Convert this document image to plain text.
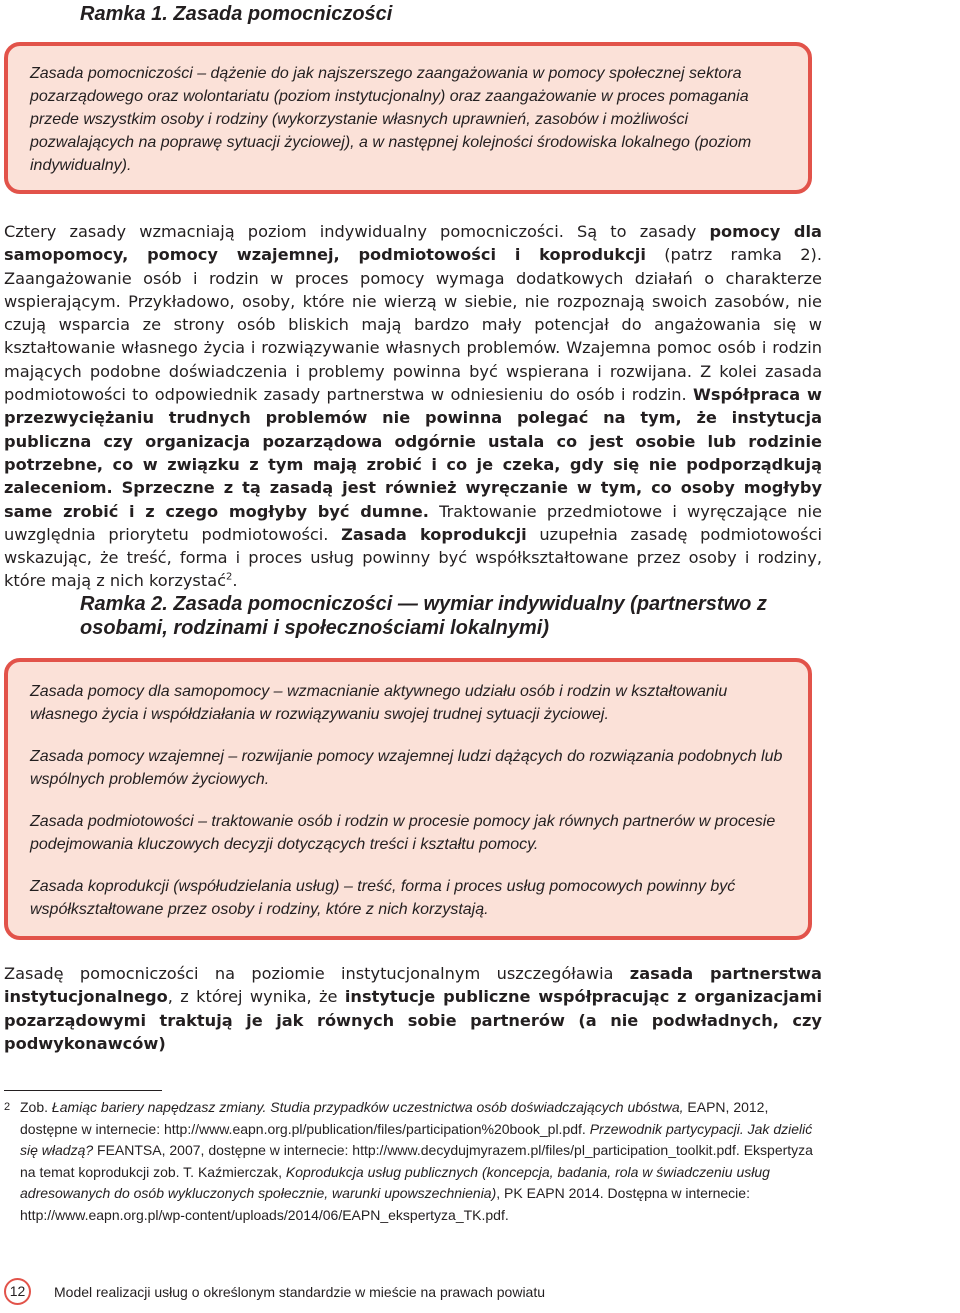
Ramka 1. Zasada pomocniczości

Zasada pomocniczości – dążenie do jak najszerszego zaangażowania w pomocy społecznej sektora pozarządowego oraz wolontariatu (poziom instytucjonalny) oraz zaangażowanie w proces pomagania przede wszystkim osoby i rodziny (wykorzystanie własnych uprawnień, zasobów i możliwości pozwalających na poprawę sytuacji życiowej), a w następnej kolejności środowiska lokalnego (poziom indywidualny).

Cztery zasady wzmacniają poziom indywidualny pomocniczości. Są to zasady pomocy dla samopomocy, pomocy wzajemnej, podmiotowości i koprodukcji (patrz ramka 2). Zaangażowanie osób i rodzin w proces pomocy wymaga dodatkowych działań o charakterze wspierającym. Przykładowo, osoby, które nie wierzą w siebie, nie rozpoznają swoich zasobów, nie czują wsparcia ze strony osób bliskich mają bardzo mały potencjał do angażowania się w kształtowanie własnego życia i rozwiązywanie własnych problemów. Wzajemna pomoc osób i rodzin mających podobne doświadczenia i problemy powinna być wspierana i rozwijana. Z kolei zasada podmiotowości to odpowiednik zasady partnerstwa w odniesieniu do osób i rodzin. Współpraca w przezwyciężaniu trudnych problemów nie powinna polegać na tym, że instytucja publiczna czy organizacja pozarządowa odgórnie ustala co jest osobie lub rodzinie potrzebne, co w związku z tym mają zrobić i co je czeka, gdy się nie podporządkują zaleceniom. Sprzeczne z tą zasadą jest również wyręczanie w tym, co osoby mogłyby same zrobić i z czego mogłyby być dumne. Traktowanie przedmiotowe i wyręczające nie uwzględnia priorytetu podmiotowości. Zasada koprodukcji uzupełnia zasadę podmiotowości wskazując, że treść, forma i proces usług powinny być współkształtowane przez osoby i rodziny, które mają z nich korzystać$^2$.

Ramka 2. Zasada pomocniczości — wymiar indywidualny (partnerstwo z osobami, rodzinami i społecznościami lokalnymi)

Zasada pomocy dla samopomocy – wzmacnianie aktywnego udziału osób i rodzin w kształtowaniu własnego życia i współdziałania w rozwiązywaniu swojej trudnej sytuacji życiowej.

Zasada pomocy wzajemnej – rozwijanie pomocy wzajemnej ludzi dążących do rozwiązania podobnych lub wspólnych problemów życiowych.

Zasada podmiotowości – traktowanie osób i rodzin w procesie pomocy jak równych partnerów w procesie podejmowania kluczowych decyzji dotyczących treści i kształtu pomocy.

Zasada koprodukcji (współudzielania usług) – treść, forma i proces usług pomocowych powinny być współkształtowane przez osoby i rodziny, które z nich korzystają.

Zasadę pomocniczości na poziomie instytucjonalnym uszczegóławia zasada partnerstwa instytucjonalnego, z której wynika, że instytucje publiczne współpracując z organizacjami pozarządowymi traktują je jak równych sobie partnerów (a nie podwładnych, czy podwykonawców)

2 Zob. Łamiąc bariery napędzasz zmiany. Studia przypadków uczestnictwa osób doświadczających ubóstwa, EAPN, 2012, dostępne w internecie: http://www.eapn.org.pl/publication/files/participation%20book_pl.pdf. Przewodnik partycypacji. Jak dzielić się władzą? FEANTSA, 2007, dostępne w internecie: http://www.decydujmyrazem.pl/files/pl_participation_toolkit.pdf. Ekspertyza na temat koprodukcji zob. T. Kaźmierczak, Koprodukcja usług publicznych (koncepcja, badania, rola w świadczeniu usług adresowanych do osób wykluczonych społecznie, warunki upowszechnienia), PK EAPN 2014. Dostępna w internecie: http://www.eapn.org.pl/wp-content/uploads/2014/06/EAPN_ekspertyza_TK.pdf.

12	Model realizacji usług o określonym standardzie w mieście na prawach powiatu
